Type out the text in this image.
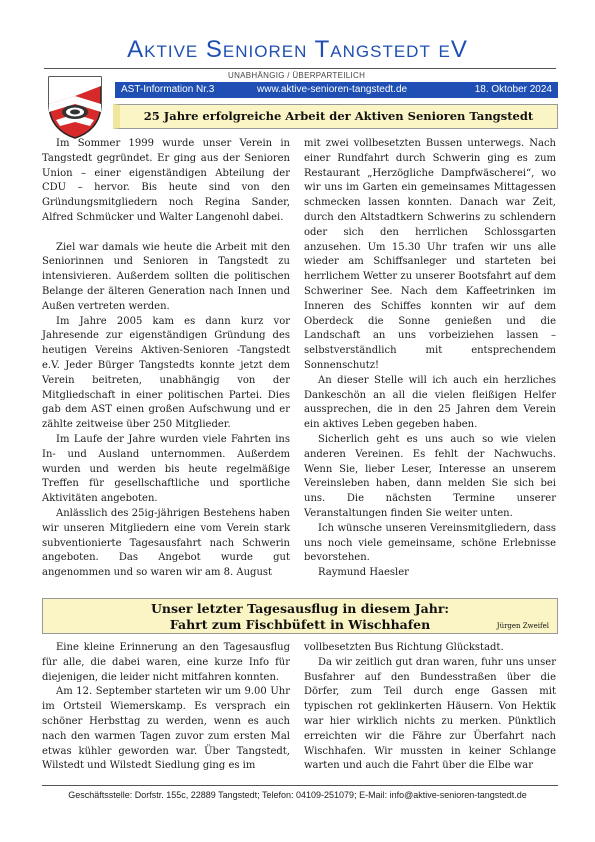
Aktive Senioren Tangstedt eV
UNABHÄNGIG / ÜBERPARTEILICH
AST-Information Nr.3	www.aktive-senioren-tangstedt.de	18. Oktober 2024
25 Jahre erfolgreiche Arbeit der Aktiven Senioren Tangstedt

Im Sommer 1999 wurde unser Verein in Tangstedt gegründet. Er ging aus der Senioren Union – einer eigenständigen Abteilung der CDU – hervor. Bis heute sind von den Gründungsmitgliedern noch Regina Sander, Alfred Schmücker und Walter Langenohl dabei.

Ziel war damals wie heute die Arbeit mit den Seniorinnen und Senioren in Tangstedt zu intensivieren. Außerdem sollten die politischen Belange der älteren Generation nach Innen und Außen vertreten werden.

Im Jahre 2005 kam es dann kurz vor Jahresende zur eigenständigen Gründung des heutigen Vereins Aktiven-Senioren -Tangstedt e.V. Jeder Bürger Tangstedts konnte jetzt dem Verein beitreten, unabhängig von der Mitgliedschaft in einer politischen Partei. Dies gab dem AST einen großen Aufschwung und er zählte zeitweise über 250 Mitglieder.

Im Laufe der Jahre wurden viele Fahrten ins In- und Ausland unternommen. Außerdem wurden und werden bis heute regelmäßige Treffen für gesellschaftliche und sportliche Aktivitäten angeboten.

Anlässlich des 25ig-jährigen Bestehens haben wir unseren Mitgliedern eine vom Verein stark subventionierte Tagesausfahrt nach Schwerin angeboten. Das Angebot wurde gut angenommen und so waren wir am 8. August

mit zwei vollbesetzten Bussen unterwegs. Nach einer Rundfahrt durch Schwerin ging es zum Restaurant „Herzögliche Dampfwäscherei“, wo wir uns im Garten ein gemeinsames Mittagessen schmecken lassen konnten. Danach war Zeit, durch den Altstadtkern Schwerins zu schlendern oder sich den herrlichen Schlossgarten anzusehen. Um 15.30 Uhr trafen wir uns alle wieder am Schiffsanleger und starteten bei herrlichem Wetter zu unserer Bootsfahrt auf dem Schweriner See. Nach dem Kaffeetrinken im Inneren des Schiffes konnten wir auf dem Oberdeck die Sonne genießen und die Landschaft an uns vorbeiziehen lassen – selbstverständlich mit entsprechendem Sonnenschutz!

An dieser Stelle will ich auch ein herzliches Dankeschön an all die vielen fleißigen Helfer aussprechen, die in den 25 Jahren dem Verein ein aktives Leben gegeben haben.

Sicherlich geht es uns auch so wie vielen anderen Vereinen. Es fehlt der Nachwuchs. Wenn Sie, lieber Leser, Interesse an unserem Vereinsleben haben, dann melden Sie sich bei uns. Die nächsten Termine unserer Veranstaltungen finden Sie weiter unten.

Ich wünsche unseren Vereinsmitgliedern, dass uns noch viele gemeinsame, schöne Erlebnisse bevorstehen.

Raymund Haesler

Unser letzter Tagesausflug in diesem Jahr:
Fahrt zum Fischbüfett in Wischhafen	Jürgen Zweifel

Eine kleine Erinnerung an den Tagesausflug für alle, die dabei waren, eine kurze Info für diejenigen, die leider nicht mitfahren konnten.

Am 12. September starteten wir um 9.00 Uhr im Ortsteil Wiemerskamp. Es versprach ein schöner Herbsttag zu werden, wenn es auch nach den warmen Tagen zuvor zum ersten Mal etwas kühler geworden war. Über Tangstedt, Wilstedt und Wilstedt Siedlung ging es im

vollbesetzten Bus Richtung Glückstadt.

Da wir zeitlich gut dran waren, fuhr uns unser Busfahrer auf den Bundesstraßen über die Dörfer, zum Teil durch enge Gassen mit typischen rot geklinkerten Häusern. Von Hektik war hier wirklich nichts zu merken. Pünktlich erreichten wir die Fähre zur Überfahrt nach Wischhafen. Wir mussten in keiner Schlange warten und auch die Fahrt über die Elbe war

Geschäftsstelle: Dorfstr. 155c, 22889 Tangstedt; Telefon: 04109-251079; E-Mail: info@aktive-senioren-tangstedt.de
